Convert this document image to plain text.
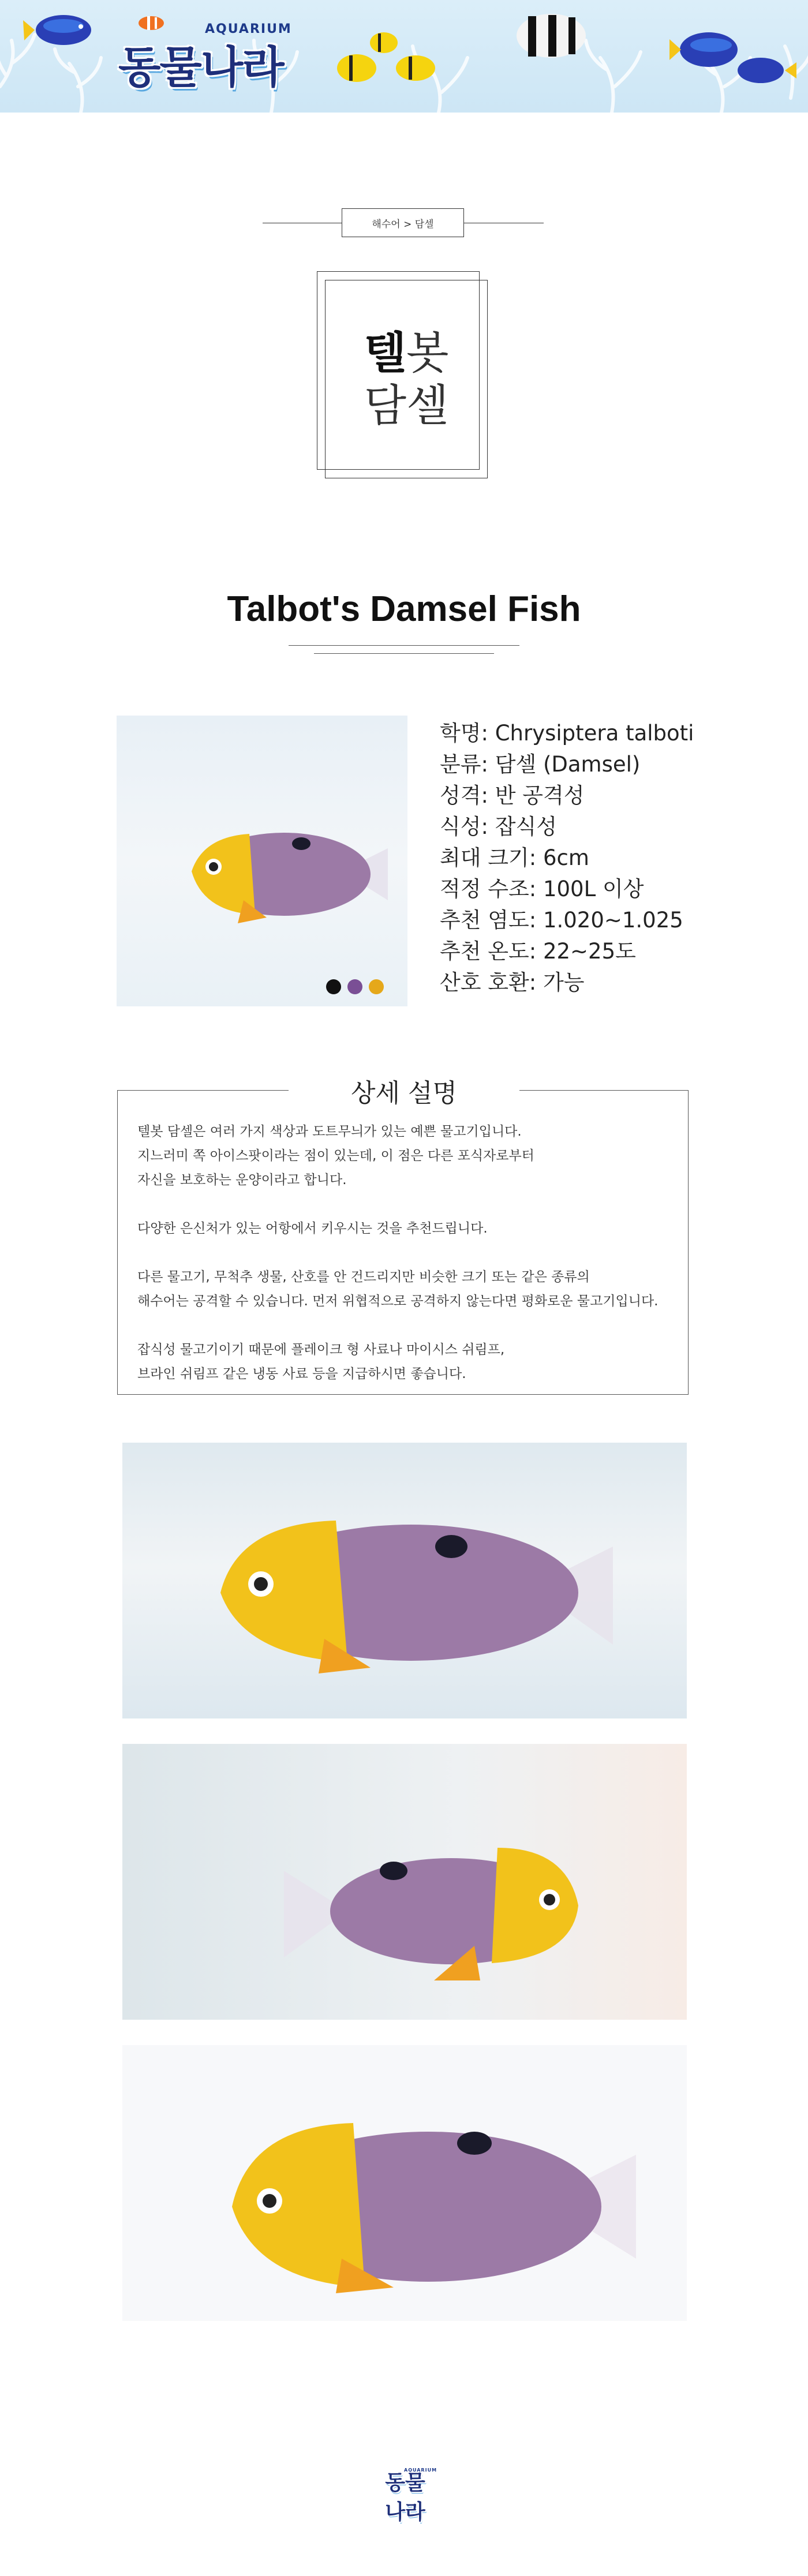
AQUARIUM
동물나라
해수어 > 담셀
텔봇
담셀
Talbot's Damsel Fish
학명: Chrysiptera talboti
분류: 담셀 (Damsel)
성격: 반 공격성
식성: 잡식성
최대 크기: 6cm
적정 수조: 100L 이상
추천 염도: 1.020~1.025
추천 온도: 22~25도
산호 호환: 가능
상세 설명

텔봇 담셀은 여러 가지 색상과 도트무늬가 있는 예쁜 물고기입니다.
지느러미 쪽 아이스팟이라는 점이 있는데, 이 점은 다른 포식자로부터
자신을 보호하는 운양이라고 합니다.

다양한 은신처가 있는 어항에서 키우시는 것을 추천드립니다.

다른 물고기, 무척추 생물, 산호를 안 건드리지만 비슷한 크기 또는 같은 종류의
해수어는 공격할 수 있습니다. 먼저 위협적으로 공격하지 않는다면 평화로운 물고기입니다.

잡식성 물고기이기 때문에 플레이크 형 사료나 마이시스 쉬림프,
브라인 쉬림프 같은 냉동 사료 등을 지급하시면 좋습니다.

AQUARIUM
동물나라
